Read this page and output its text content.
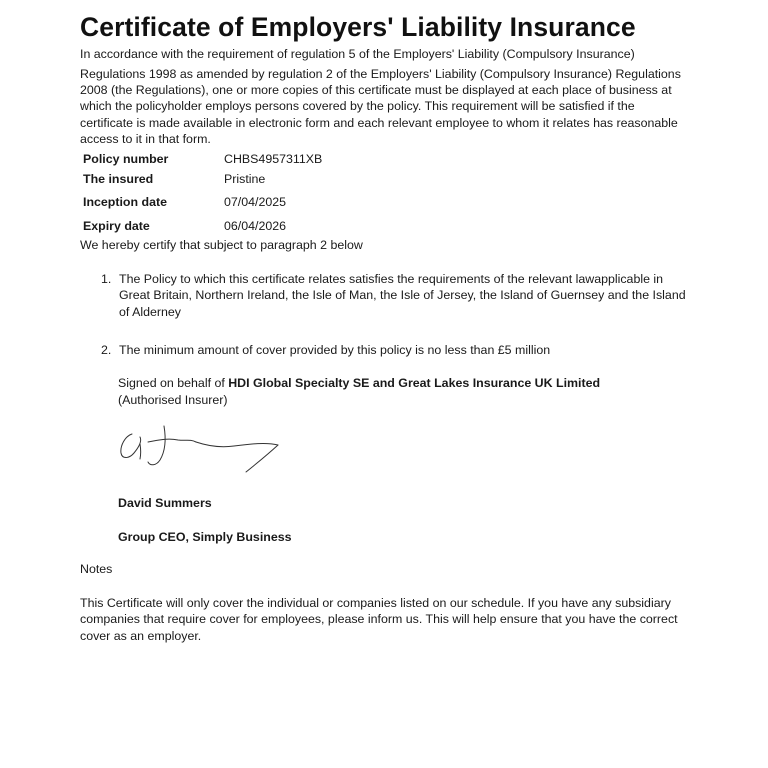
Certificate of Employers' Liability Insurance
In accordance with the requirement of regulation 5 of the Employers' Liability (Compulsory Insurance)
Regulations 1998 as amended by regulation 2 of the Employers' Liability (Compulsory Insurance) Regulations 2008 (the Regulations), one or more copies of this certificate must be displayed at each place of business at which the policyholder employs persons covered by the policy. This requirement will be satisfied if the certificate is made available in electronic form and each relevant employee to whom it relates has reasonable access to it in that form.
Policy number	CHBS4957311XB
The insured	Pristine
Inception date	07/04/2025
Expiry date	06/04/2026
We hereby certify that subject to paragraph 2 below
1. The Policy to which this certificate relates satisfies the requirements of the relevant lawapplicable in Great Britain, Northern Ireland, the Isle of Man, the Isle of Jersey, the Island of Guernsey and the Island of Alderney
2. The minimum amount of cover provided by this policy is no less than £5 million
Signed on behalf of HDI Global Specialty SE and Great Lakes Insurance UK Limited
(Authorised Insurer)
David Summers
Group CEO, Simply Business
Notes
This Certificate will only cover the individual or companies listed on our schedule. If you have any subsidiary companies that require cover for employees, please inform us. This will help ensure that you have the correct cover as an employer.
